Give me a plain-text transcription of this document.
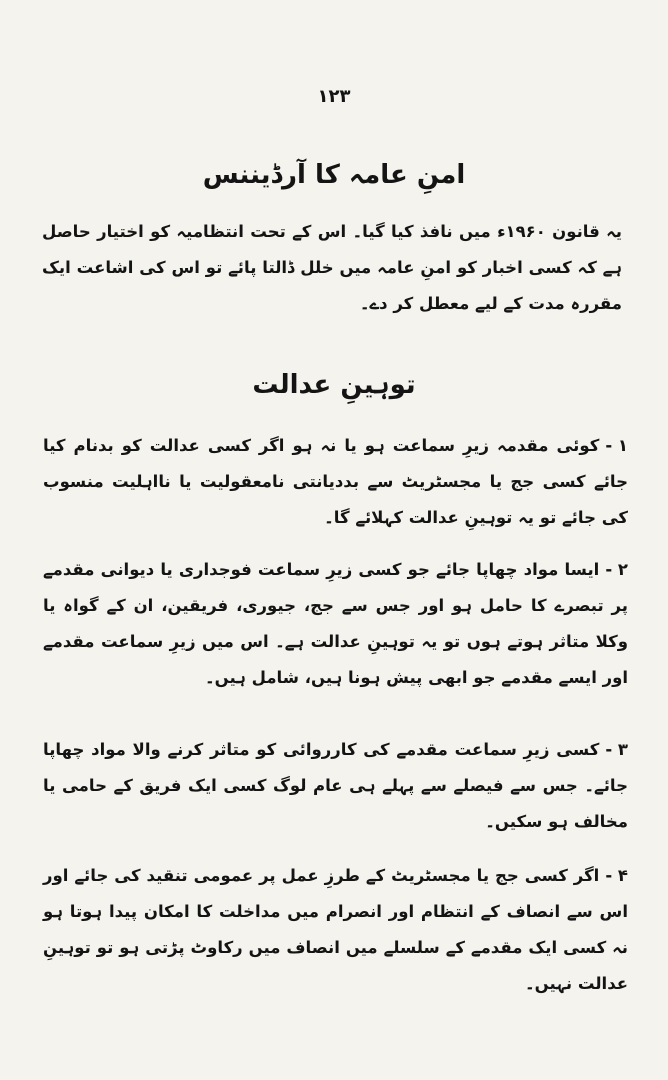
۱۲۳
امنِ عامہ کا آرڈیننس
یہ قانون ۱۹۶۰ء میں نافذ کیا گیا۔ اس کے تحت انتظامیہ کو اختیار حاصل ہے کہ کسی اخبار کو امنِ عامہ میں خلل ڈالتا پائے تو اس کی اشاعت ایک مقررہ مدت کے لیے معطل کر دے۔
توہینِ عدالت
۱ -کوئی مقدمہ زیرِ سماعت ہو یا نہ ہو اگر کسی عدالت کو بدنام کیا جائے کسی جج یا مجسٹریٹ سے بددیانتی نامعقولیت یا نااہلیت منسوب کی جائے تو یہ توہینِ عدالت کہلائے گا۔
۲ -ایسا مواد چھاپا جائے جو کسی زیرِ سماعت فوجداری یا دیوانی مقدمے پر تبصرے کا حامل ہو اور جس سے جج، جیوری، فریقین، ان کے گواہ یا وکلا متاثر ہوتے ہوں تو یہ توہینِ عدالت ہے۔ اس میں زیرِ سماعت مقدمے اور ایسے مقدمے جو ابھی پیش ہونا ہیں، شامل ہیں۔
۳ -کسی زیرِ سماعت مقدمے کی کارروائی کو متاثر کرنے والا مواد چھاپا جائے۔ جس سے فیصلے سے پہلے ہی عام لوگ کسی ایک فریق کے حامی یا مخالف ہو سکیں۔
۴ -اگر کسی جج یا مجسٹریٹ کے طرزِ عمل پر عمومی تنقید کی جائے اور اس سے انصاف کے انتظام اور انصرام میں مداخلت کا امکان پیدا ہوتا ہو نہ کسی ایک مقدمے کے سلسلے میں انصاف میں رکاوٹ پڑتی ہو تو توہینِ عدالت نہیں۔
